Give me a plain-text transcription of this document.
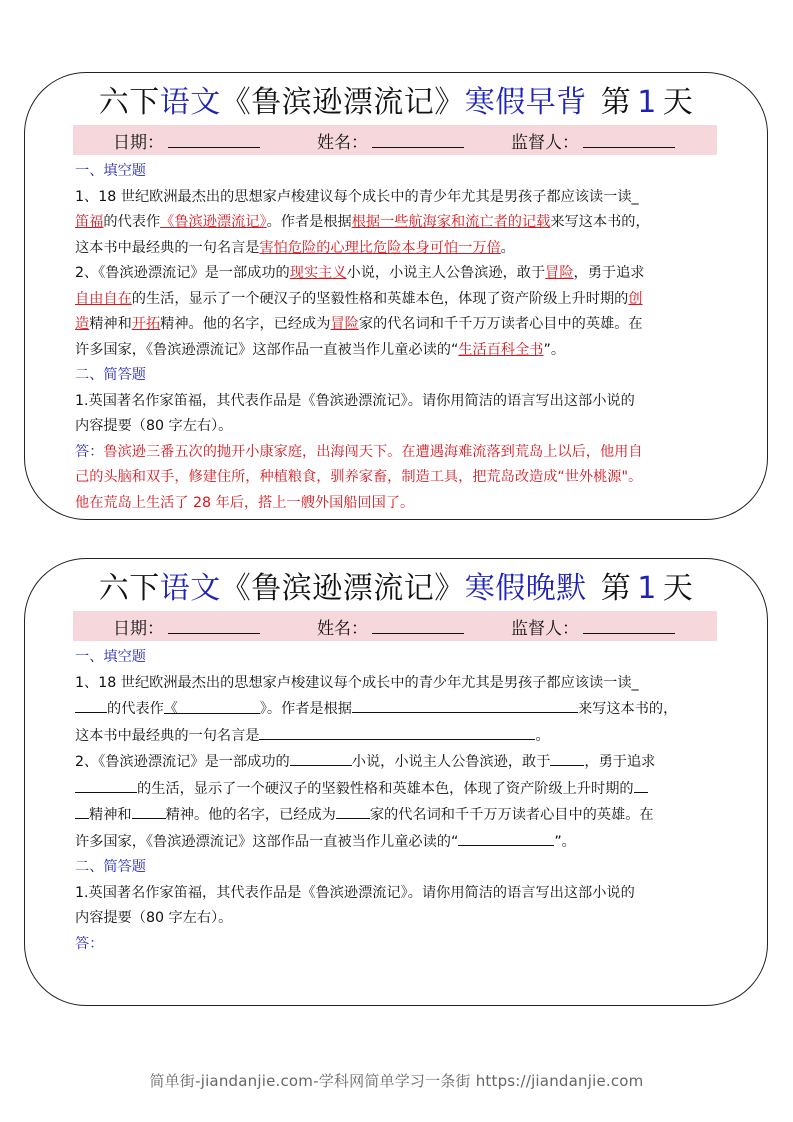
六下语文《鲁滨逊漂流记》寒假早背 第 1 天
日期：	姓名：	监督人：

一、填空题

1、18 世纪欧洲最杰出的思想家卢梭建议每个成长中的青少年尤其是男孩子都应该读一读_
笛福的代表作《鲁滨逊漂流记》。作者是根据根据一些航海家和流亡者的记载来写这本书的，
这本书中最经典的一句名言是害怕危险的心理比危险本身可怕一万倍。

2、《鲁滨逊漂流记》是一部成功的现实主义小说，小说主人公鲁滨逊，敢于冒险，勇于追求
自由自在的生活，显示了一个硬汉子的坚毅性格和英雄本色，体现了资产阶级上升时期的创
造精神和开拓精神。他的名字，已经成为冒险家的代名词和千千万万读者心目中的英雄。在
许多国家，《鲁滨逊漂流记》这部作品一直被当作儿童必读的“生活百科全书”。

二、简答题

1.英国著名作家笛福，其代表作品是《鲁滨逊漂流记》。请你用简洁的语言写出这部小说的
内容提要（80 字左右）。

答：鲁滨逊三番五次的抛开小康家庭，出海闯天下。在遭遇海难流落到荒岛上以后，他用自
己的头脑和双手，修建住所，种植粮食，驯养家畜，制造工具，把荒岛改造成“世外桃源"。
他在荒岛上生活了 28 年后，搭上一艘外国船回国了。

六下语文《鲁滨逊漂流记》寒假晚默 第 1 天
日期：	姓名：	监督人：

一、填空题

1、18 世纪欧洲最杰出的思想家卢梭建议每个成长中的青少年尤其是男孩子都应该读一读_
的代表作《	》。作者是根据	来写这本书的，
这本书中最经典的一句名言是	。

2、《鲁滨逊漂流记》是一部成功的	小说，小说主人公鲁滨逊，敢于 ，勇于追求
的生活，显示了一个硬汉子的坚毅性格和英雄本色，体现了资产阶级上升时期的
精神和 精神。他的名字，已经成为 家的代名词和千千万万读者心目中的英雄。在
许多国家，《鲁滨逊漂流记》这部作品一直被当作儿童必读的“	”。

二、简答题

1.英国著名作家笛福，其代表作品是《鲁滨逊漂流记》。请你用简洁的语言写出这部小说的
内容提要（80 字左右）。

答：

简单街-jiandanjie.com-学科网简单学习一条街 https://jiandanjie.com
